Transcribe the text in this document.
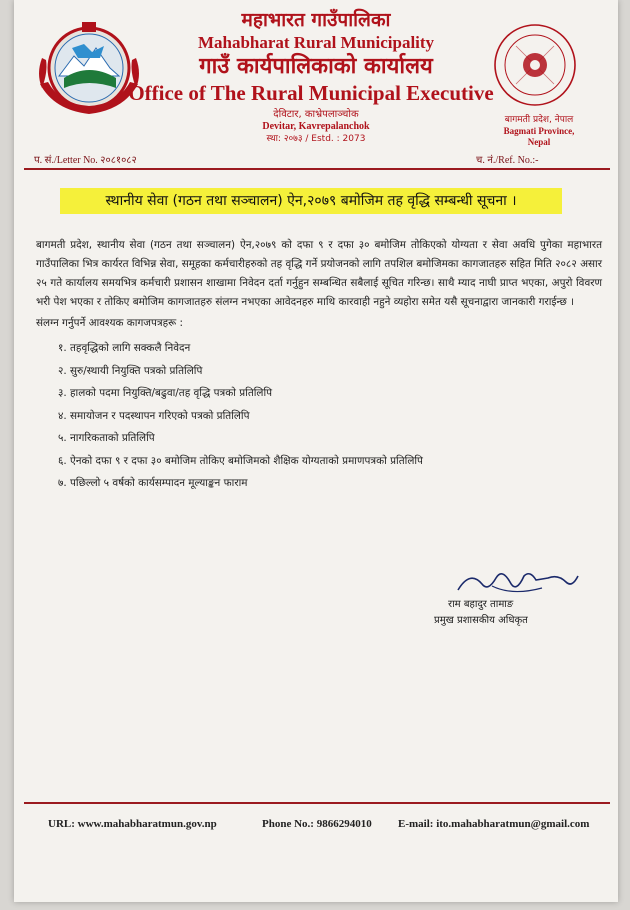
महाभारत गाउँपालिका
Mahabharat Rural Municipality
गाउँ कार्यपालिकाको कार्यालय
Office of The Rural Municipal Executive
देविटार, काभ्रेपलाञ्चोक
Devitar, Kavrepalanchok
स्था: २०७३ / Estd. : 2073
बागमती प्रदेश, नेपाल
Bagmati Province, Nepal
प. सं./Letter No. २०८१०८२	च. नं./Ref. No.:-
स्थानीय सेवा (गठन तथा सञ्चालन) ऐन,२०७९ बमोजिम तह वृद्धि सम्बन्धी सूचना ।

बागमती प्रदेश, स्थानीय सेवा (गठन तथा सञ्चालन) ऐन,२०७९ को दफा ९ र दफा ३० बमोजिम तोकिएको योग्यता र सेवा अवधि पुगेका महाभारत गाउँपालिका भित्र कार्यरत विभिन्न सेवा, समूहका कर्मचारीहरुको तह वृद्धि गर्ने प्रयोजनको लागि तपशिल बमोजिमका कागजातहरु सहित मिति २०८२ असार २५ गते कार्यालय समयभित्र कर्मचारी प्रशासन शाखामा निवेदन दर्ता गर्नुहुन सम्बन्धित सबैलाई सूचित गरिन्छ। साथै म्याद नाघी प्राप्त भएका, अपुरो विवरण भरी पेश भएका र तोकिए बमोजिम कागजातहरु संलग्न नभएका आवेदनहरु माथि कारवाही नहुने व्यहोरा समेत यसै सूचनाद्वारा जानकारी गराईन्छ ।

संलग्न गर्नुपर्ने आवश्यक कागजपत्रहरू :
१. तहवृद्धिको लागि सक्कलै निवेदन
२. सुरु/स्थायी नियुक्ति पत्रको प्रतिलिपि
३. हालको पदमा नियुक्ति/बढुवा/तह वृद्धि पत्रको प्रतिलिपि
४. समायोजन र पदस्थापन गरिएको पत्रको प्रतिलिपि
५. नागरिकताको प्रतिलिपि
६. ऐनको दफा ९ र दफा ३० बमोजिम तोकिए बमोजिमको शैक्षिक योग्यताको प्रमाणपत्रको प्रतिलिपि
७. पछिल्लो ५ वर्षको कार्यसम्पादन मूल्याङ्कन फाराम
राम बहादुर तामाङ
प्रमुख प्रशासकीय अधिकृत
URL: www.mahabharatmun.gov.np	Phone No.: 9866294010 E-mail: ito.mahabharatmun@gmail.com
